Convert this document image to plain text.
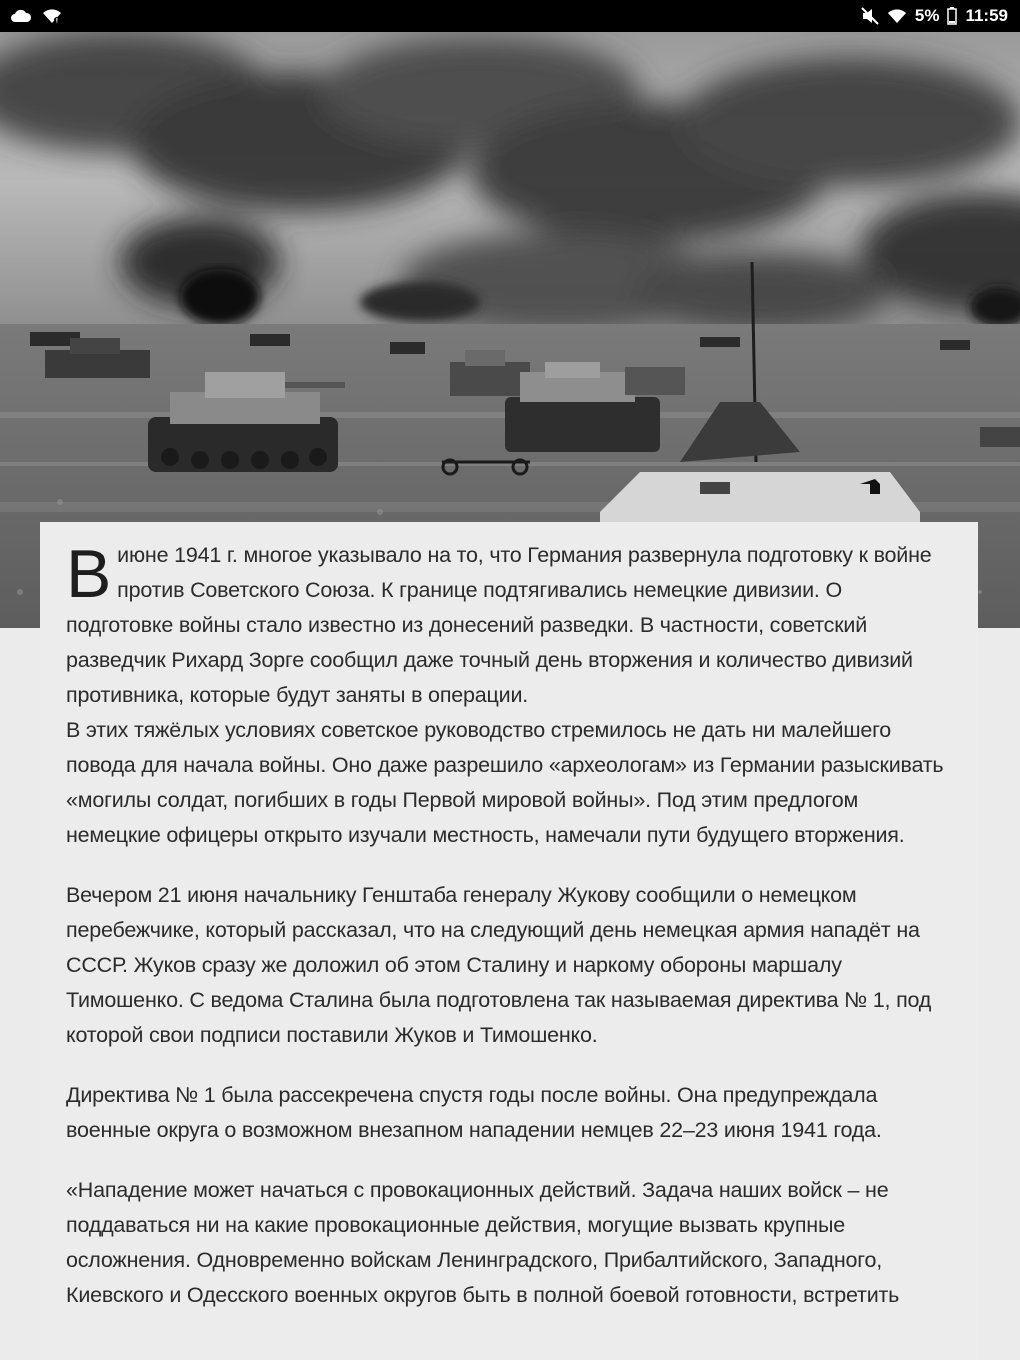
!	5% 11:59

В июне 1941 г. многое указывало на то, что Германия развернула подготовку к войне против Советского Союза. К границе подтягивались немецкие дивизии. О подготовке войны стало известно из донесений разведки. В частности, советский разведчик Рихард Зорге сообщил даже точный день вторжения и количество дивизий противника, которые будут заняты в операции.

В этих тяжёлых условиях советское руководство стремилось не дать ни малейшего повода для начала войны. Оно даже разрешило «археологам» из Германии разыскивать «могилы солдат, погибших в годы Первой мировой войны». Под этим предлогом немецкие офицеры открыто изучали местность, намечали пути будущего вторжения.

Вечером 21 июня начальнику Генштаба генералу Жукову сообщили о немецком перебежчике, который рассказал, что на следующий день немецкая армия нападёт на СССР. Жуков сразу же доложил об этом Сталину и наркому обороны маршалу Тимошенко. С ведома Сталина была подготовлена так называемая директива № 1, под которой свои подписи поставили Жуков и Тимошенко.

Директива № 1 была рассекречена спустя годы после войны. Она предупреждала военные округа о возможном внезапном нападении немцев 22–23 июня 1941 года.

«Нападение может начаться с провокационных действий. Задача наших войск – не поддаваться ни на какие провокационные действия, могущие вызвать крупные осложнения. Одновременно войскам Ленинградского, Прибалтийского, Западного, Киевского и Одесского военных округов быть в полной боевой готовности, встретить
